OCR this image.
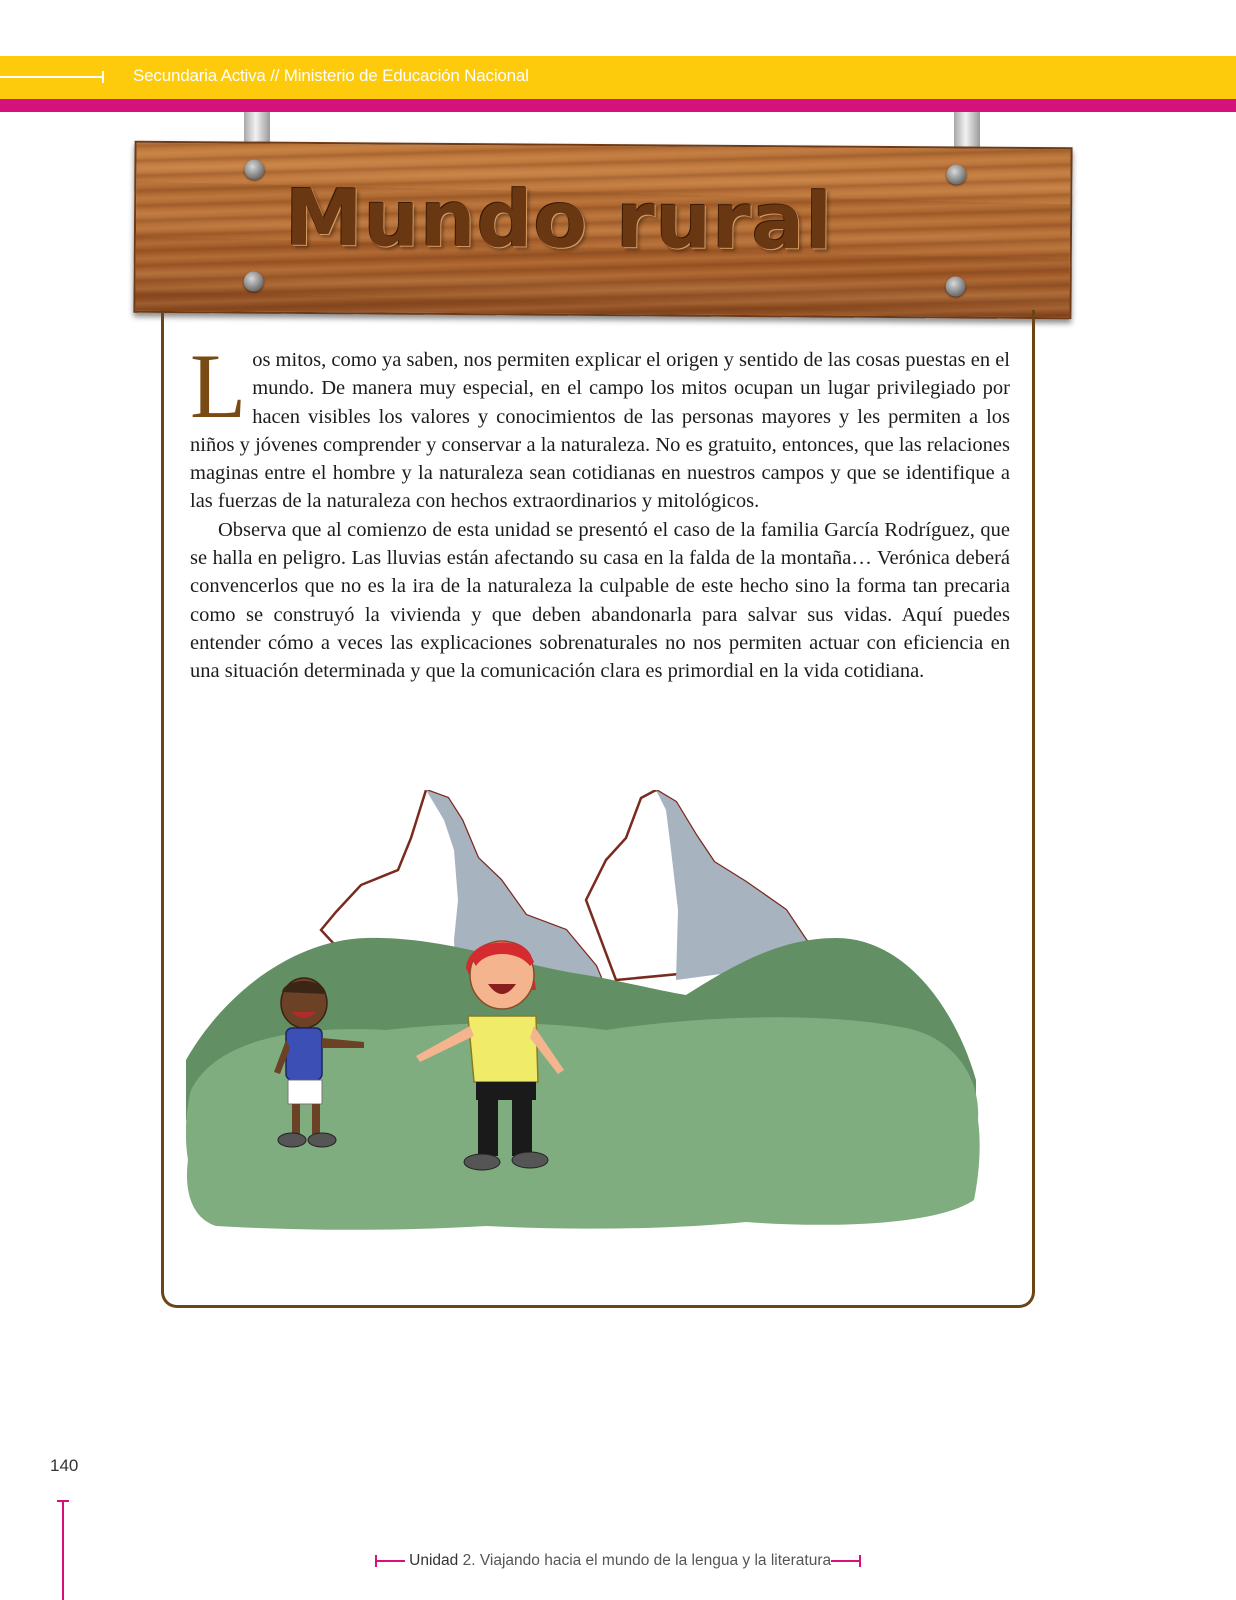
Secundaria Activa // Ministerio de Educación Nacional
Mundo rural

Los mitos, como ya saben, nos permiten explicar el origen y sentido de las cosas puestas en el mundo. De manera muy especial, en el campo los mitos ocupan un lugar privilegiado por hacen visibles los valores y conocimientos de las personas mayores y les permiten a los niños y jóvenes comprender y conservar a la naturaleza. No es gratuito, entonces, que las relaciones maginas entre el hombre y la naturaleza sean cotidianas en nuestros campos y que se identifique a las fuerzas de la naturaleza con hechos extraordinarios y mitológicos.

Observa que al comienzo de esta unidad se presentó el caso de la familia García Rodríguez, que se halla en peligro. Las lluvias están afectando su casa en la falda de la montaña… Verónica deberá convencerlos que no es la ira de la naturaleza la culpable de este hecho sino la forma tan precaria como se construyó la vivienda y que deben abandonarla para salvar sus vidas. Aquí puedes entender cómo a veces las explicaciones sobrenaturales no nos permiten actuar con eficiencia en una situación determinada y que la comunicación clara es primordial en la vida cotidiana.

140
Unidad 2. Viajando hacia el mundo de la lengua y la literatura
